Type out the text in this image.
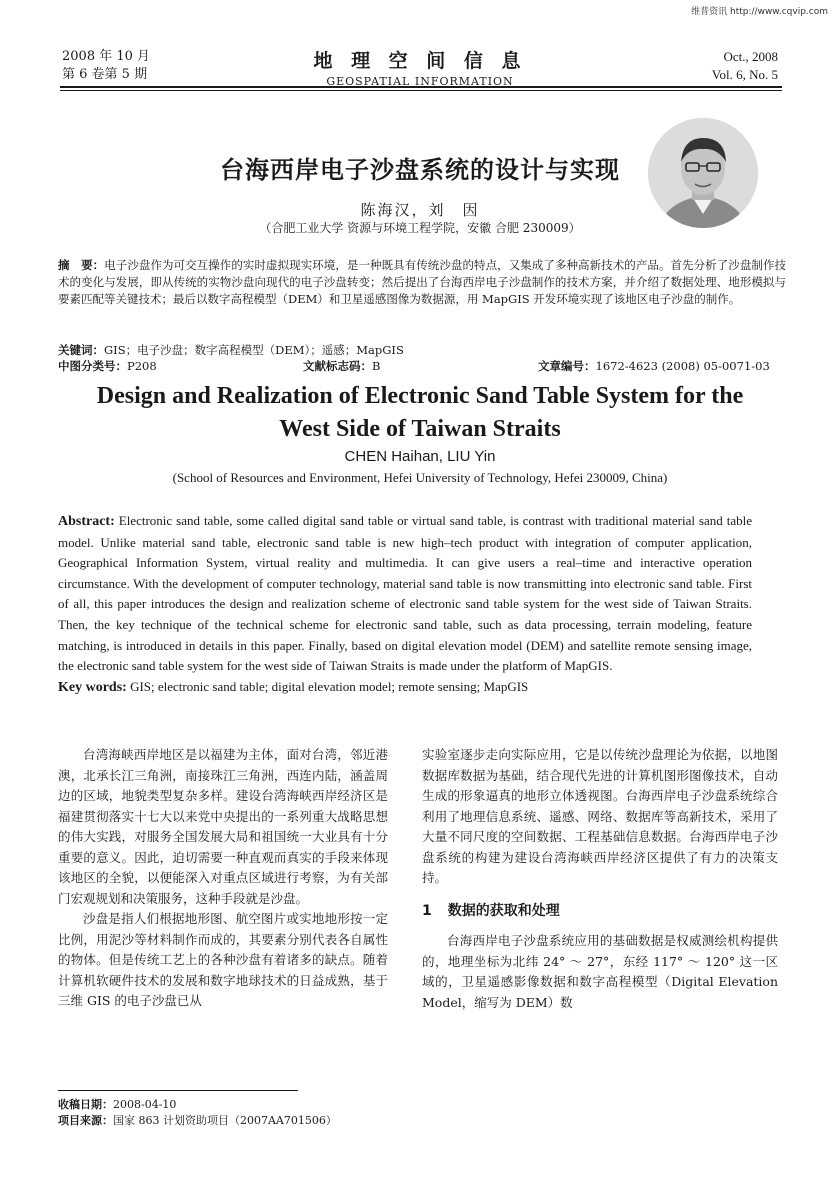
维普资讯 http://www.cqvip.com
2008 年 10 月
第 6 卷第 5 期
地 理 空 间 信 息
GEOSPATIAL INFORMATION
Oct., 2008
Vol. 6, No. 5
台海西岸电子沙盘系统的设计与实现
陈海汉，刘　因
（合肥工业大学 资源与环境工程学院，安徽 合肥 230009）
摘　要：电子沙盘作为可交互操作的实时虚拟现实环境，是一种既具有传统沙盘的特点，又集成了多种高新技术的产品。首先分析了沙盘制作技术的变化与发展，即从传统的实物沙盘向现代的电子沙盘转变；然后提出了台海西岸电子沙盘制作的技术方案，并介绍了数据处理、地形模拟与要素匹配等关键技术；最后以数字高程模型（DEM）和卫星遥感图像为数据源，用 MapGIS 开发环境实现了该地区电子沙盘的制作。
关键词：GIS；电子沙盘；数字高程模型（DEM）；遥感；MapGIS
中图分类号：P208	文献标志码：B	文章编号：1672-4623 (2008) 05-0071-03
Design and Realization of Electronic Sand Table System for the West Side of Taiwan Straits
CHEN Haihan, LIU Yin
(School of Resources and Environment, Hefei University of Technology, Hefei 230009, China)
Abstract: Electronic sand table, some called digital sand table or virtual sand table, is contrast with traditional material sand table model. Unlike material sand table, electronic sand table is new high–tech product with integration of computer application, Geographical Information System, virtual reality and multimedia. It can give users a real–time and interactive operation circumstance. With the development of computer technology, material sand table is now transmitting into electronic sand table. First of all, this paper introduces the design and realization scheme of electronic sand table system for the west side of Taiwan Straits. Then, the key technique of the technical scheme for electronic sand table, such as data processing, terrain modeling, feature matching, is introduced in details in this paper. Finally, based on digital elevation model (DEM) and satellite remote sensing image, the electronic sand table system for the west side of Taiwan Straits is made under the platform of MapGIS.
Key words: GIS; electronic sand table; digital elevation model; remote sensing; MapGIS

台湾海峡西岸地区是以福建为主体，面对台湾，邻近港澳，北承长江三角洲，南接珠江三角洲，西连内陆，涵盖周边的区域，地貌类型复杂多样。建设台湾海峡西岸经济区是福建贯彻落实十七大以来党中央提出的一系列重大战略思想的伟大实践，对服务全国发展大局和祖国统一大业具有十分重要的意义。因此，迫切需要一种直观而真实的手段来体现该地区的全貌，以便能深入对重点区域进行考察，为有关部门宏观规划和决策服务，这种手段就是沙盘。

沙盘是指人们根据地形图、航空图片或实地地形按一定比例，用泥沙等材料制作而成的，其要素分别代表各自属性的物体。但是传统工艺上的各种沙盘有着诸多的缺点。随着计算机软硬件技术的发展和数字地球技术的日益成熟，基于三维 GIS 的电子沙盘已从

实验室逐步走向实际应用，它是以传统沙盘理论为依据，以地图数据库数据为基础，结合现代先进的计算机图形图像技术，自动生成的形象逼真的地形立体透视图。台海西岸电子沙盘系统综合利用了地理信息系统、遥感、网络、数据库等高新技术，采用了大量不同尺度的空间数据、工程基础信息数据。台海西岸电子沙盘系统的构建为建设台湾海峡西岸经济区提供了有力的决策支持。

1 数据的获取和处理

台海西岸电子沙盘系统应用的基础数据是权威测绘机构提供的，地理坐标为北纬 24° ～ 27°，东经 117° ～ 120° 这一区域的，卫星遥感影像数据和数字高程模型（Digital Elevation Model，缩写为 DEM）数

收稿日期：2008-04-10
项目来源：国家 863 计划资助项目（2007AA701506）
